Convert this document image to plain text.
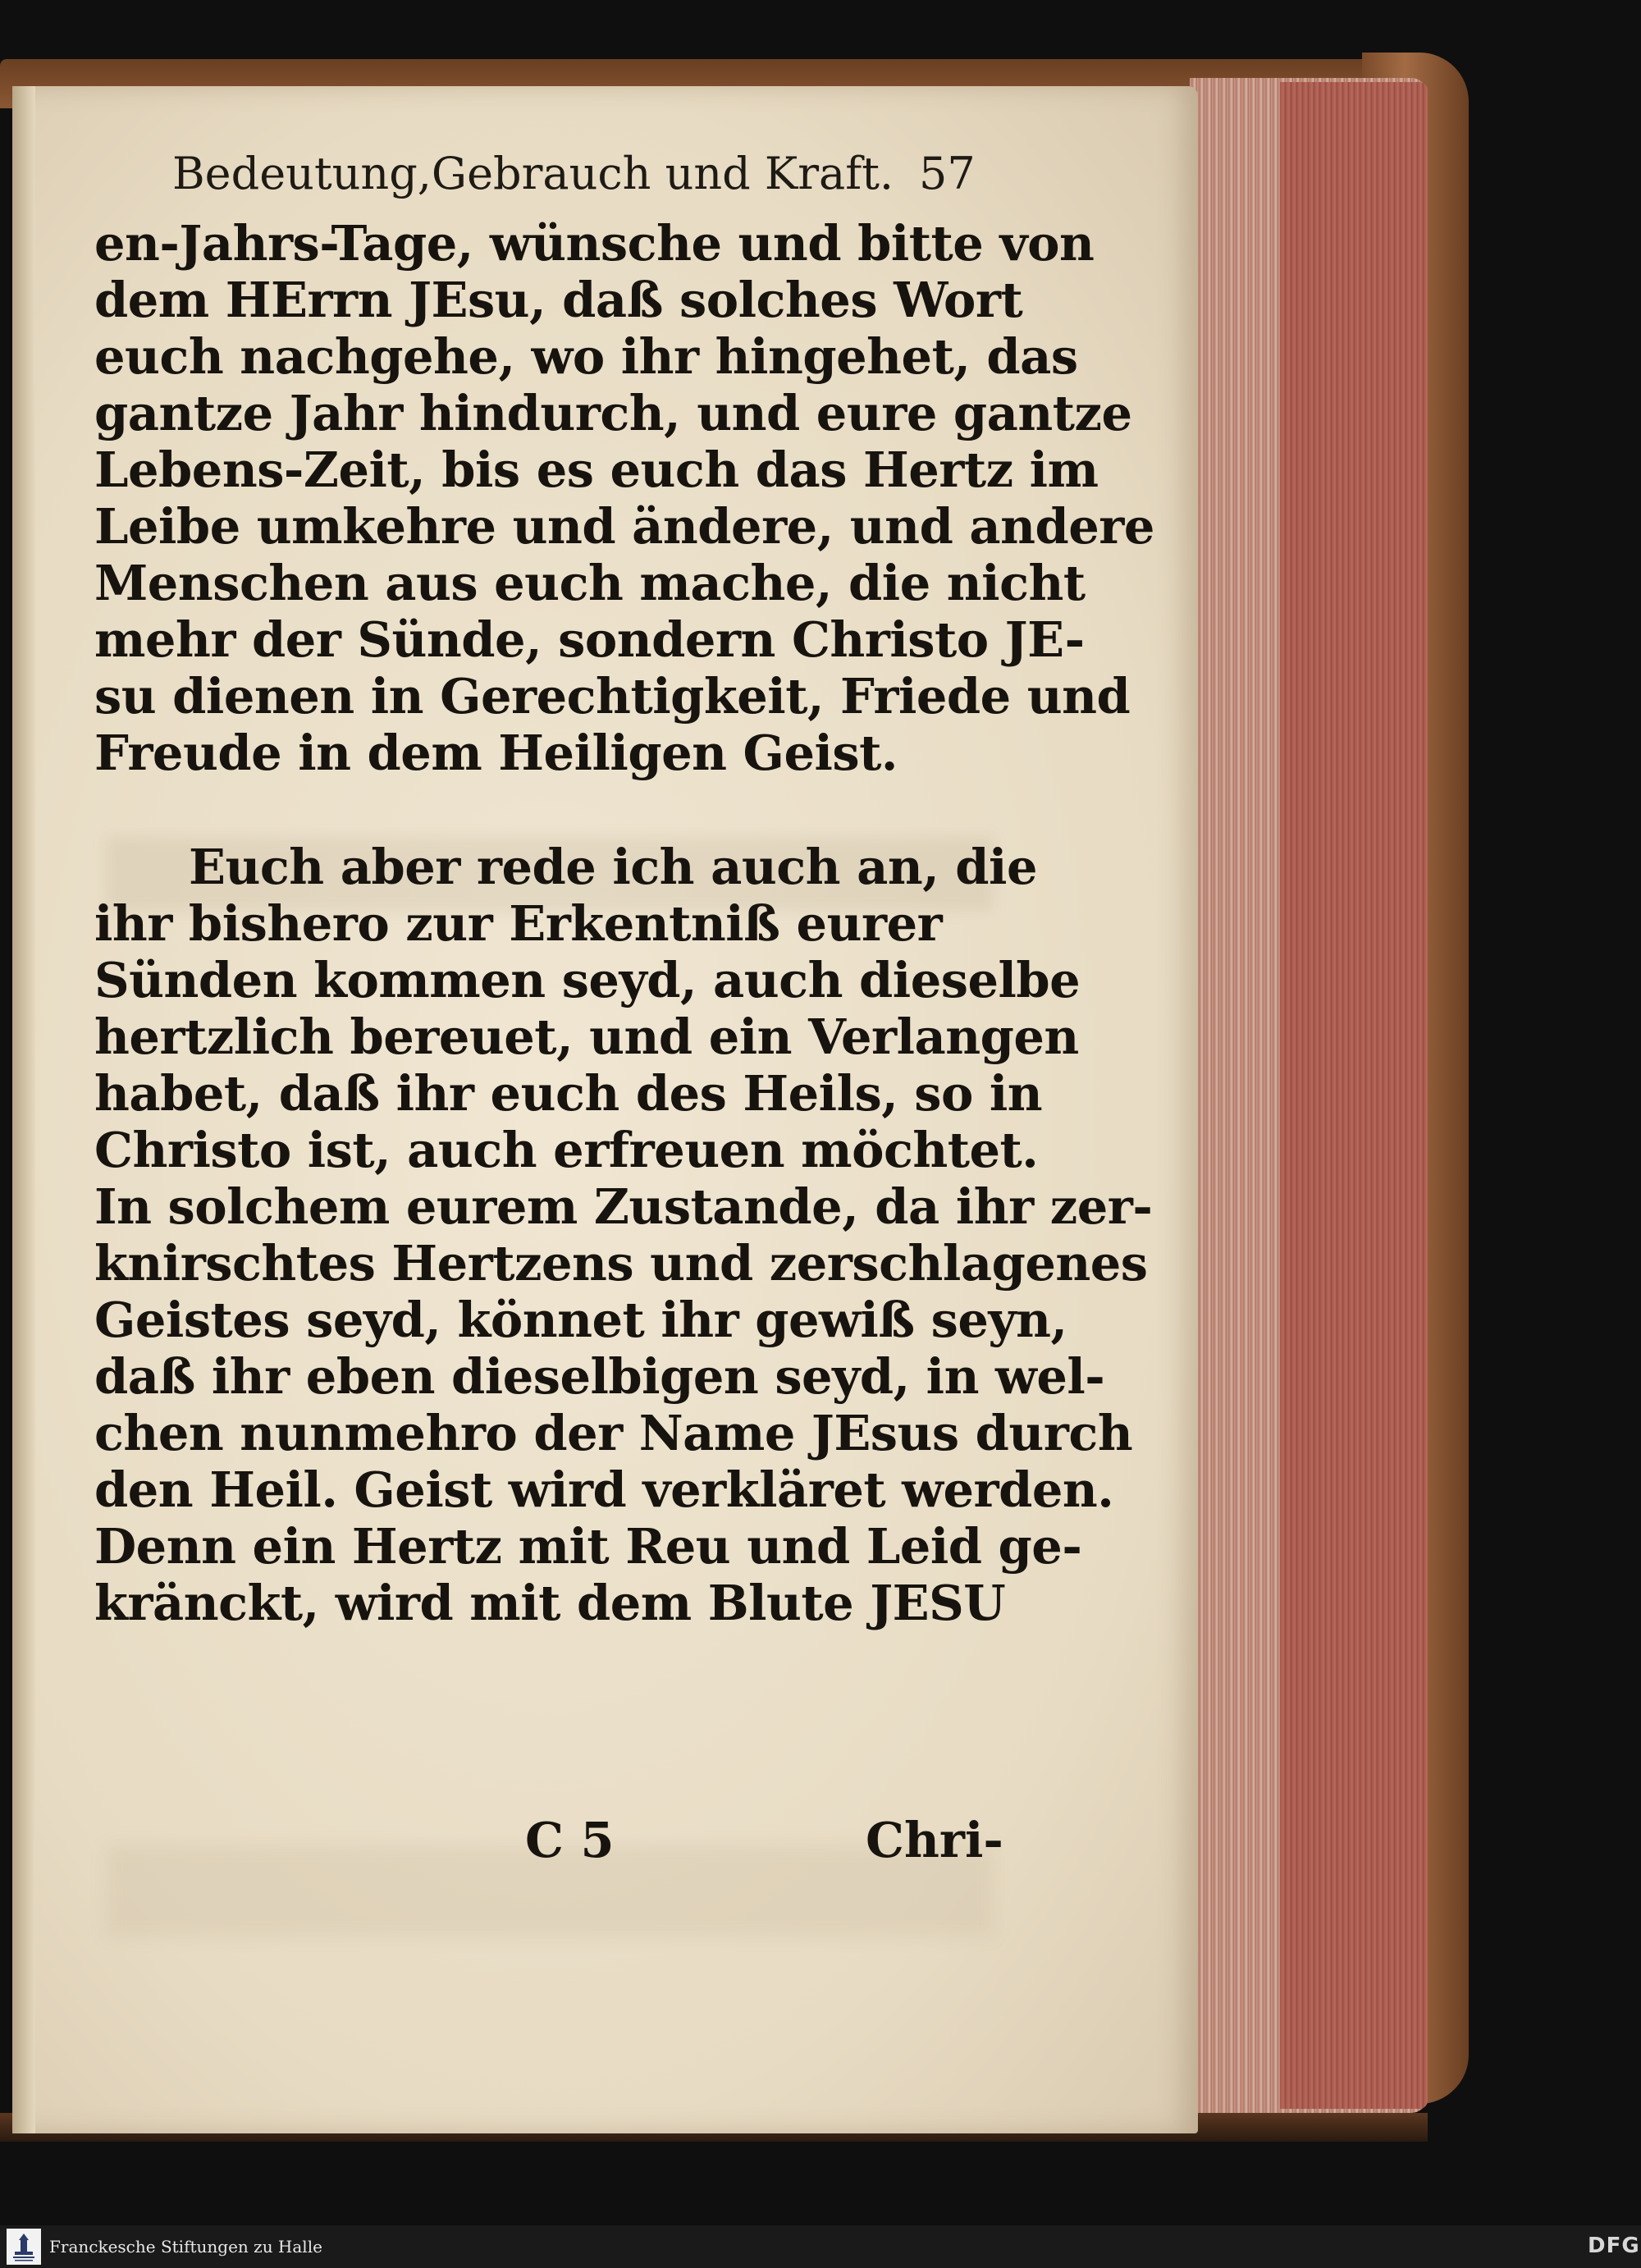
Bedeutung,Gebrauch und Kraft. 57
en-Jahrs-Tage, wünsche und bitte von
dem HErrn JEsu, daß solches Wort
euch nachgehe, wo ihr hingehet, das
gantze Jahr hindurch, und eure gantze
Lebens-Zeit, bis es euch das Hertz im
Leibe umkehre und ändere, und andere
Menschen aus euch mache, die nicht
mehr der Sünde, sondern Christo JE-
su dienen in Gerechtigkeit, Friede und
Freude in dem Heiligen Geist.
Euch aber rede ich auch an, die
ihr bishero zur Erkentniß eurer
Sünden kommen seyd, auch dieselbe
hertzlich bereuet, und ein Verlangen
habet, daß ihr euch des Heils, so in
Christo ist, auch erfreuen möchtet.
In solchem eurem Zustande, da ihr zer-
knirschtes Hertzens und zerschlagenes
Geistes seyd, könnet ihr gewiß seyn,
daß ihr eben dieselbigen seyd, in wel-
chen nunmehro der Name JEsus durch
den Heil. Geist wird verkläret werden.
Denn ein Hertz mit Reu und Leid ge-
kränckt, wird mit dem Blute JESU
C 5	Chri-
Franckesche Stiftungen zu Halle	DFG
